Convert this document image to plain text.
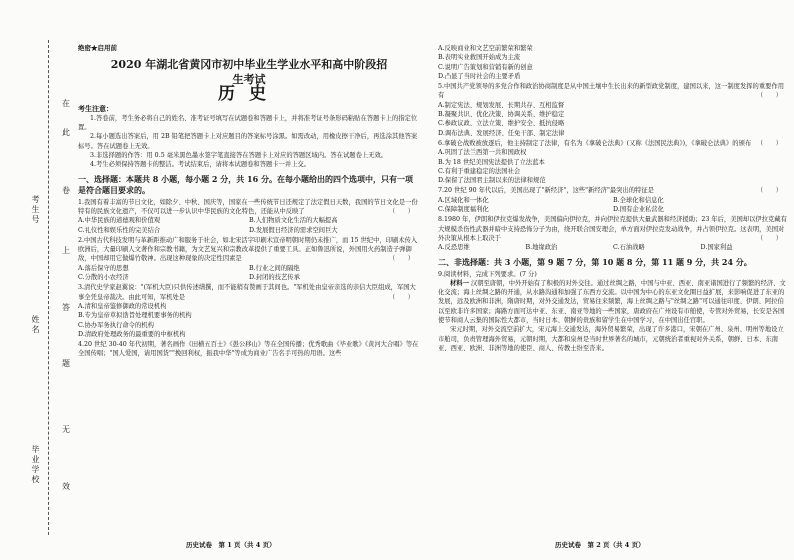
考生号
姓名
毕业学校
在
此
卷
上
答
题
无
效
绝密★启用前
2020 年湖北省黄冈市初中毕业生学业水平和高中阶段招
生考试
历史
考生注意：
1.答卷前，考生务必将自己的姓名、准考证号填写在试题卷和答题卡上，并将准考证号条形码粘贴在答题卡上的指定位置。
2.每小题选出答案后，用 2B 铅笔把答题卡上对应题目的答案标号涂黑。如需改动，用橡皮擦干净后，再选涂其他答案标号。答在试题卷上无效。
3.非选择题的作答：用 0.5 毫米黑色墨水签字笔直接答在答题卡上对应的答题区域内。答在试题卷上无效。
4.考生必须保持答题卡的整洁。考试结束后，请将本试题卷和答题卡一并上交。
一、选择题：本题共 8 小题，每小题 2 分，共 16 分。在每小题给出的四个选项中，只有一项是符合题目要求的。
1.我国有着丰富的节日文化，如除夕、中秋、国庆等，国家在一些传统节日还规定了法定假日天数，我国的节日文化是一份特有的民族文化遗产，不仅可以进一步认识中华民族的文化特色，还能从中反映了	（　　）
A.中华民族的道德观和价值观	B.人们物质文化生活的大幅提高
C.礼仪性和娱乐性的完美结合	D.发展假日经济的需求空间巨大
2.中国古代科技发明与革新距推动广和服务于社会，如北宋活字印刷术宣帝明朝时期仍未推广，而 15 世纪中，印刷术传入欧洲后，大量印刷人文著作和宗教书籍，为文艺复兴和宗教改革提供了重要工具。正如鲁迅所说，外国用火药制造子弹御敌，中国却用它做爆竹敬神。出现这种现象的决定性因素是	（　　）
A.落后保守的思想	B.行业之间的隔绝
C.分散的小农经济	D.封闭的技艺传承
3.清代史学家赵翼说："(军机大臣)只供传述缮撰，而不能稍有赞画于其间也。"军机处由皇帝亲选的亲信大臣组成，军国大事全凭皇帝裁决。由此可知，军机处是	（　　）
A.清和皇帝鉴修御政的常设机构
B.专为皇帝草拟诰旨处理机要事务的机构
C.协办军务执行命令的机构
D.清政府处理政务的最重要的中枢机构
4.20 世纪 30-40 年代初期，著名画作《田横五百士》《愚公移山》等在全国传播；优秀歌曲《毕业歌》《黄河大合唱》等在全国传唱；"国人爱国，请用国货""挽回利权，振我中华"等成为商业广告名手可热的用语。这些
历史试卷　第 1 页（共 4 页）
A.反映商业和文艺空前繁荣和繁荣
B.表明实业救国开始成为主流
C.说明广告策划和营销有新的创意
D.凸显了当时社会的主要矛盾
5.中国共产党领导的多党合作和政治协商制度是从中国土壤中生长出来的新型政党制度，建国以来，这一制度发挥的重要作用有	（　　）
A.制定宪法、规划发展、长期共存、互相监督
B.凝聚共识、优化决策、协调关系、维护稳定
C.参政议政、立法立策、维护安全、抵抗侵略
D.调布法典、发展经济、任免干部、制定法律
6.拿破仑战败被放逐后，他主持制定了法律，有名为《拿破仑法典》(又称《法国民法典》)，《拿破仑法典》的颁布 （　　）
A.巩固了法兰西第一共和国政权
B.为 18 世纪美国宪法提供了立法蓝本
C.有利于重建稳定的法国社会
D.保留了法国君主制以来的法律和规范
7.20 世纪 90 年代以后，美国出现了"新经济"，这些"新经济"最突出的特征是	（　　）
A.区域化和一体化	B.全球化和信息化
C.保障制度福利化	D.国有企业私营化
8.1980 年，伊朗和伊拉克爆发战争，美国偏向伊拉克，并向伊拉克提供大量武器和经济援助；23 年后，美国却以伊拉克藏有大规模杀伤性武器并暗中支持恐怖分子为由，绕开联合国安理会，单方面对伊拉克发动战争，并占领伊拉克。这表明，美国对外决策从根本上取决于	（　　）
A.反恐思维	B.地缘政治	C.石油战略	D.国家利益
二、非选择题：共 3 小题，第 9 题 7 分，第 10 题 8 分，第 11 题 9 分，共 24 分。
9.阅读材料，完成下列要求。(7 分)
材料一 汉朝至唐朝，中外开始有了积极的对外交往。通过丝绸之路，中国与中亚、西亚、南亚诸国进行了频繁的经济、文化交流；海上丝绸之路的开通，从水路沟通和加强了东西方交流。以中国为中心的东亚文化圈日益扩展，来影响促进了东亚的发展，远及欧洲和非洲，隋唐时期，对外交通发达，贸易往来频繁，海上丝绸之路与"丝绸之路"可以通往印度、伊朗、阿拉伯以至欧非许多国家；海路方面可达中亚、东亚、南亚等地的一些国家，唐政府在广州设有市舶使，专管对外贸易，长安是各国使节和商人云集的国际性大都市，当时日本、朝鲜的贵族和留学生在中国学习，在中国出任官职。
宋元时期，对外交流空前扩大，宋元海上交通发达，海外贸易繁荣，出现了许多港口，宋朝在广州、泉州、明州等地设立市舶司，负责管理海外贸易，元朝时期，大都和泉州是当时世界著名的城市，元朝统治者重视对外关系，朝鲜、日本、东南亚、西亚、欧洲、非洲等地的使臣、商人、传教士纷至沓来。
历史试卷　第 2 页（共 4 页）
